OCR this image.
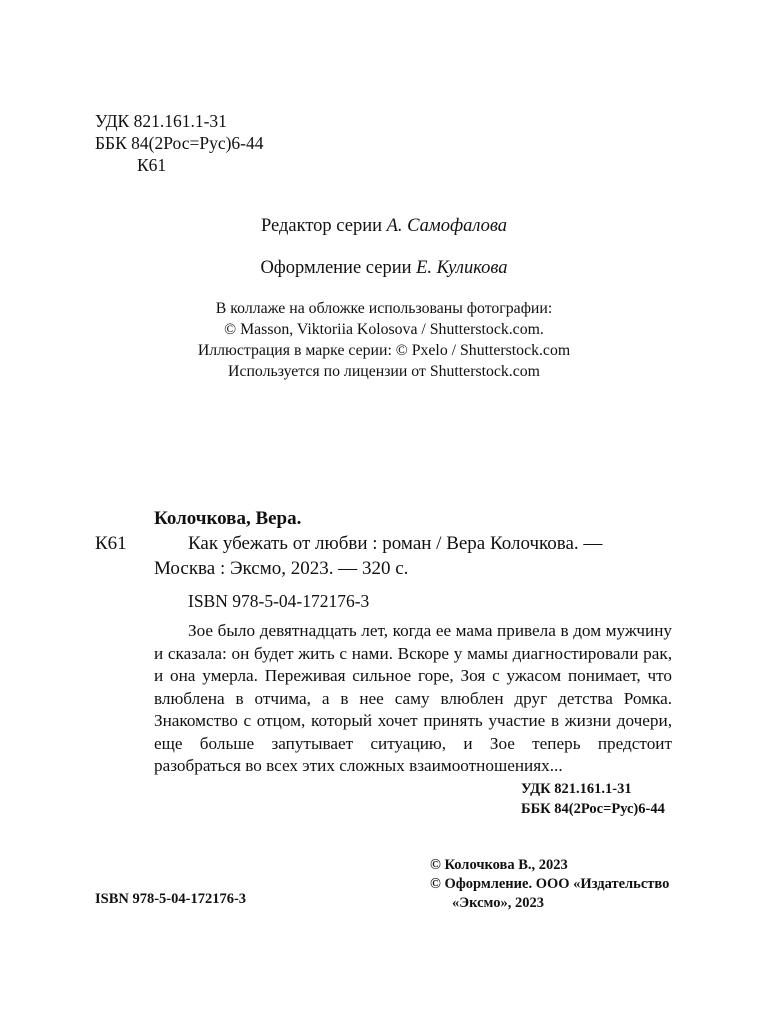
УДК 821.161.1-31
ББК 84(2Рос=Рус)6-44
К61
Редактор серии А. Самофалова
Оформление серии Е. Куликова
В коллаже на обложке использованы фотографии:
© Masson, Viktoriia Kolosova / Shutterstock.com.
Иллюстрация в марке серии: © Pxelo / Shutterstock.com
Используется по лицензии от Shutterstock.com
Колочкова, Вера.
К61	Как убежать от любви : роман / Вера Колочкова. —
Москва : Эксмо, 2023. — 320 с.
ISBN 978-5-04-172176-3
Зое было девятнадцать лет, когда ее мама привела в дом мужчину и сказала: он будет жить с нами. Вскоре у мамы диагностировали рак, и она умерла. Переживая сильное горе, Зоя с ужасом понимает, что влюблена в отчима, а в нее саму влюблен друг детства Ромка. Знакомство с отцом, который хочет принять участие в жизни дочери, еще больше запутывает ситуацию, и Зое теперь предстоит разобраться во всех этих сложных взаимоотношениях...
УДК 821.161.1-31
ББК 84(2Рос=Рус)6-44
ISBN 978-5-04-172176-3
© Колочкова В., 2023
© Оформление. ООО «Издательство
«Эксмо», 2023
